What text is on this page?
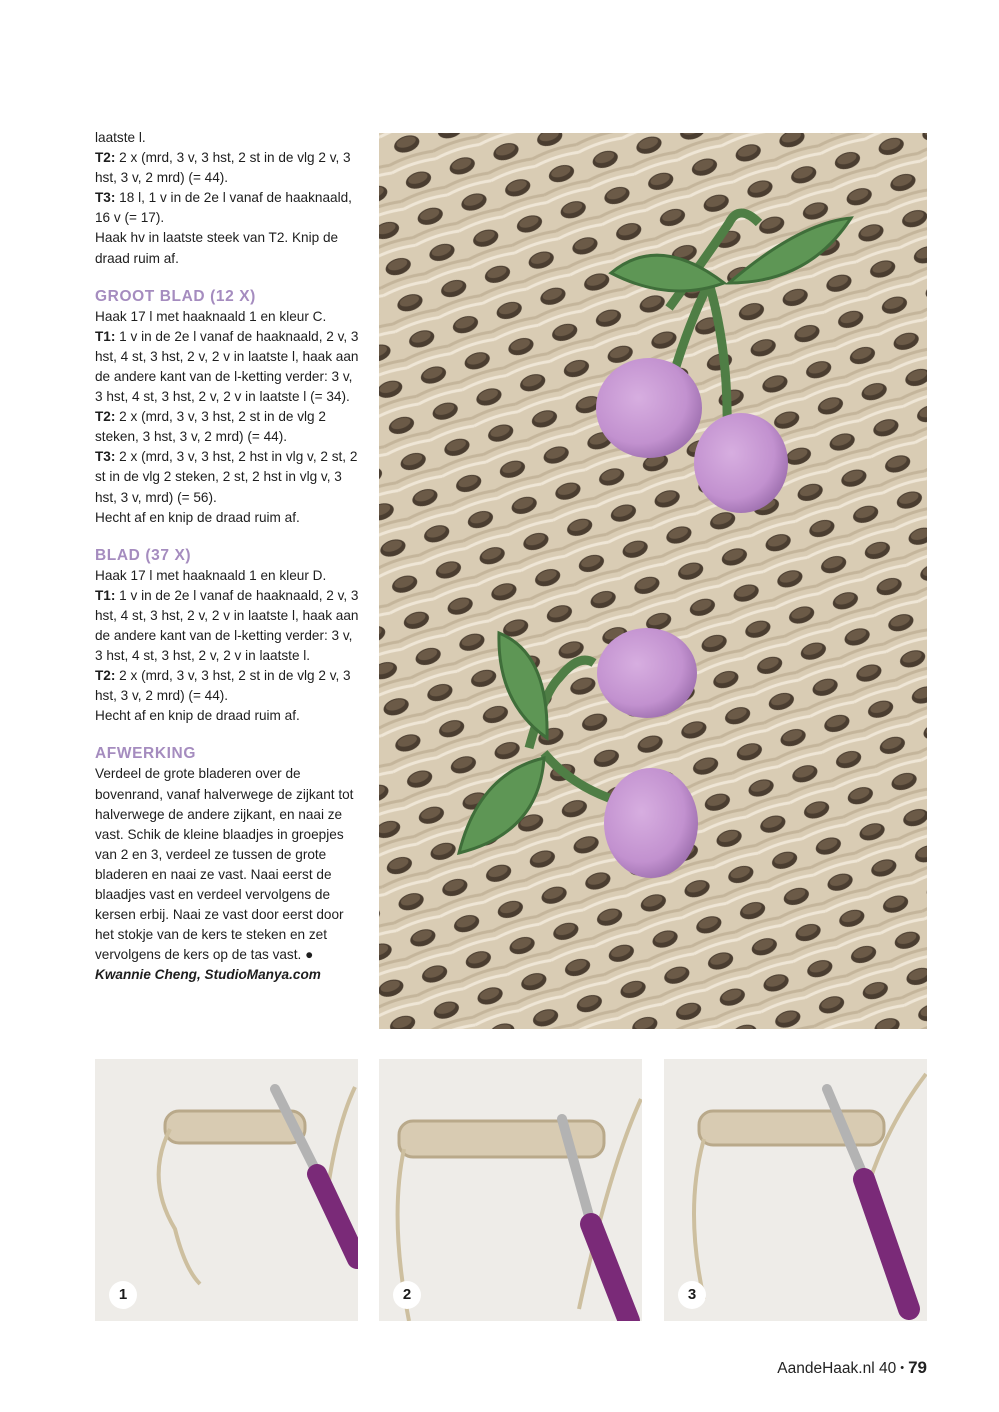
laatste l.

T2: 2 x (mrd, 3 v, 3 hst, 2 st in de vlg 2 v, 3 hst, 3 v, 2 mrd) (= 44).

T3: 18 l, 1 v in de 2e l vanaf de haaknaald, 16 v (= 17).

Haak hv in laatste steek van T2. Knip de draad ruim af.

GROOT BLAD (12 X)

Haak 17 l met haaknaald 1 en kleur C.

T1: 1 v in de 2e l vanaf de haaknaald, 2 v, 3 hst, 4 st, 3 hst, 2 v, 2 v in laatste l, haak aan de andere kant van de l-ketting verder: 3 v, 3 hst, 4 st, 3 hst, 2 v, 2 v in laatste l (= 34).

T2: 2 x (mrd, 3 v, 3 hst, 2 st in de vlg 2 steken, 3 hst, 3 v, 2 mrd) (= 44).

T3: 2 x (mrd, 3 v, 3 hst, 2 hst in vlg v, 2 st, 2 st in de vlg 2 steken, 2 st, 2 hst in vlg v, 3 hst, 3 v, mrd) (= 56).

Hecht af en knip de draad ruim af.

BLAD (37 X)

Haak 17 l met haaknaald 1 en kleur D.

T1: 1 v in de 2e l vanaf de haaknaald, 2 v, 3 hst, 4 st, 3 hst, 2 v, 2 v in laatste l, haak aan de andere kant van de l-ketting verder: 3 v, 3 hst, 4 st, 3 hst, 2 v, 2 v in laatste l.

T2: 2 x (mrd, 3 v, 3 hst, 2 st in de vlg 2 v, 3 hst, 3 v, 2 mrd) (= 44).

Hecht af en knip de draad ruim af.

AFWERKING

Verdeel de grote bladeren over de bovenrand, vanaf halverwege de zijkant tot halverwege de andere zijkant, en naai ze vast. Schik de kleine blaadjes in groepjes van 2 en 3, verdeel ze tussen de grote bladeren en naai ze vast. Naai eerst de blaadjes vast en verdeel vervolgens de kersen erbij. Naai ze vast door eerst door het stokje van de kers te steken en zet vervolgens de kers op de tas vast. ●

Kwannie Cheng, StudioManya.com

1	2	3
AandeHaak.nl 40 • 79
